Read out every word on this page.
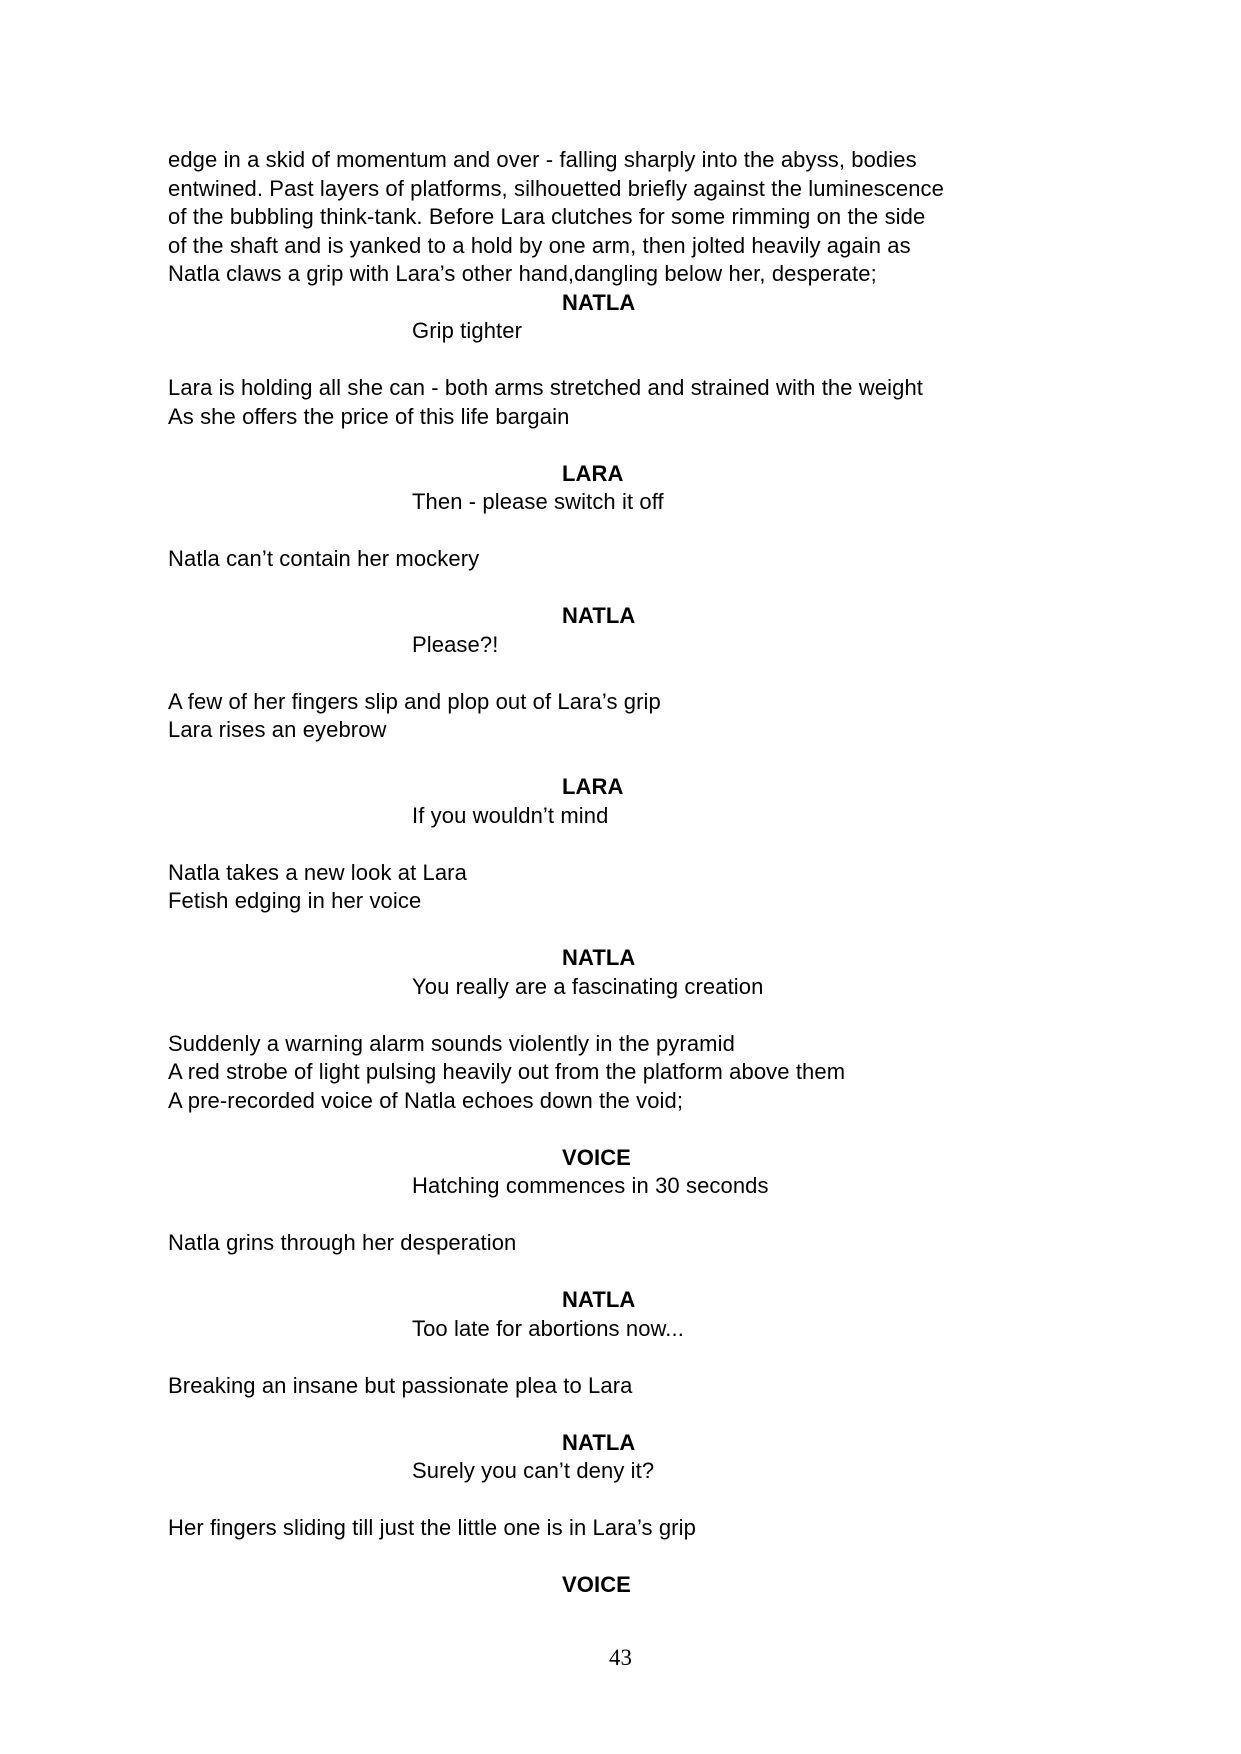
edge in a skid of momentum and over - falling sharply into the abyss, bodies
entwined. Past layers of platforms, silhouetted briefly against the luminescence
of the bubbling think-tank. Before Lara clutches for some rimming on the side
of the shaft and is yanked to a hold by one arm, then jolted heavily again as
Natla claws a grip with Lara’s other hand,dangling below her, desperate;
NATLA
Grip tighter
Lara is holding all she can - both arms stretched and strained with the weight
As she offers the price of this life bargain
LARA
Then - please switch it off
Natla can’t contain her mockery
NATLA
Please?!
A few of her fingers slip and plop out of Lara’s grip
Lara rises an eyebrow
LARA
If you wouldn’t mind
Natla takes a new look at Lara
Fetish edging in her voice
NATLA
You really are a fascinating creation
Suddenly a warning alarm sounds violently in the pyramid
A red strobe of light pulsing heavily out from the platform above them
A pre-recorded voice of Natla echoes down the void;
VOICE
Hatching commences in 30 seconds
Natla grins through her desperation
NATLA
Too late for abortions now...
Breaking an insane but passionate plea to Lara
NATLA
Surely you can’t deny it?
Her fingers sliding till just the little one is in Lara’s grip
VOICE
43
